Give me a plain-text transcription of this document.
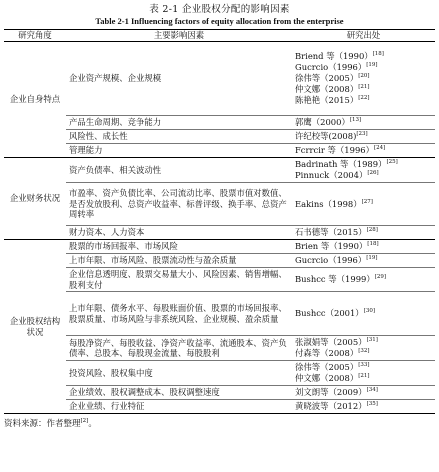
表 2-1 企业股权分配的影响因素
Table 2-1 Influencing factors of equity allocation from the enterprise
研究角度	主要影响因素	研究出处
企业自身特点	企业资产规模、企业规模	Briend 等（1990）[18]
Gucrcio（1996）[19]
徐伟等（2005）[20]
仲文娜（2008）[21]
陈艳艳（2015）[22]

	产品生命周期、竞争能力	郭鹰（2000）[13]

	风险性、成长性	许纪校等(2008)[23]

	管理能力	Fcrrcir 等（1996）[24]

企业财务状况	资产负债率、相关波动性	Badrinath 等（1989）[25]
Pinnuck（2004）[26]

	市盈率、资产负债比率、公司流动比率、股票市值对数值、是否发放股利、总资产收益率、标普评级、换手率、总资产周转率	Eakins（1998）[27]

	财力资本、人力资本	石书德等（2015）[28]

企业股权结构状况	股票的市场回报率、市场风险	Brien 等（1990）[18]

	上市年限、市场风险、股票流动性与盈余质量	Gucrcio（1996）[19]

	企业信息透明度、股票交易量大小、风险因素、销售增幅、股利支付	Bushcc 等（1999）[29]

	上市年限、债务水平、每股账面价值、股票的市场回报率、股票质量、市场风险与非系统风险、企业规模、盈余质量	Bushcc（2001）[30]

	每股净资产、每股收益、净资产收益率、流通股本、资产负债率、总股本、每股现金流量、每股股利	张淑娟等（2005）[31]
付森等（2008）[32]

	投资风险、股权集中度	徐伟等（2005）[33]
仲文娜（2008）[21]

	企业绩效、股权调整成本、股权调整速度	刘文朗等（2009）[34]

	企业业绩、行业特征	黄晓波等（2012）[35]
资料来源：作者整理[2]。
